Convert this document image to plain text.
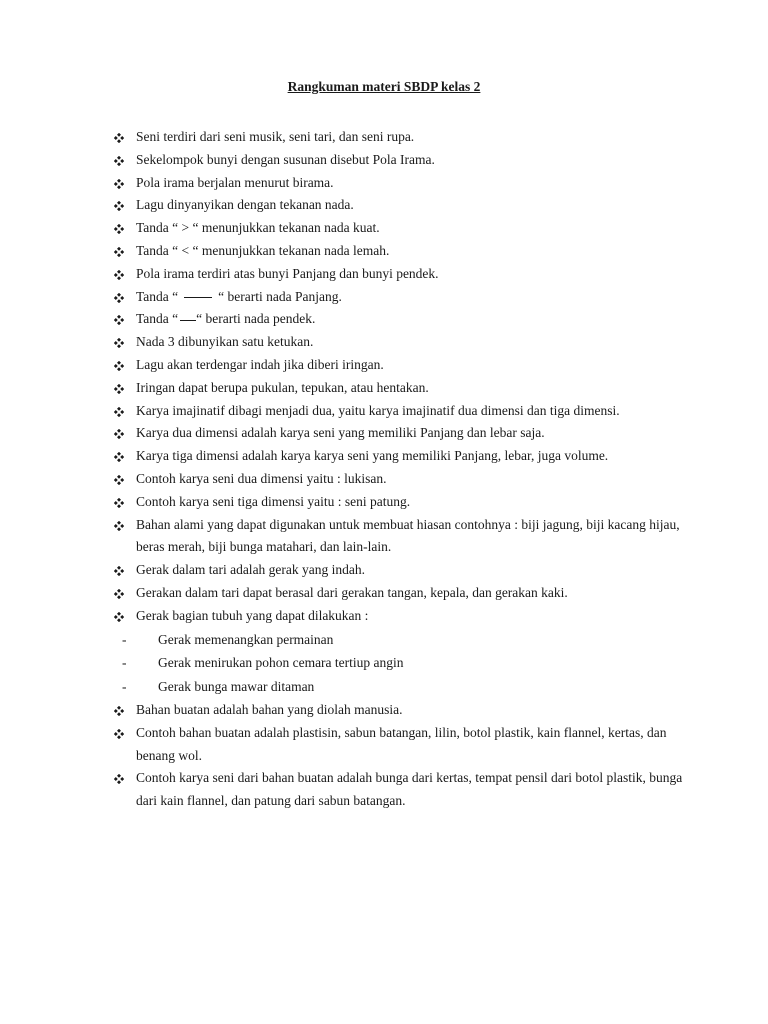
Rangkuman materi SBDP kelas 2
Seni terdiri dari seni musik, seni tari, dan seni rupa.
Sekelompok bunyi dengan susunan disebut Pola Irama.
Pola irama berjalan menurut birama.
Lagu dinyanyikan dengan tekanan nada.
Tanda “ > “ menunjukkan tekanan nada kuat.
Tanda “ < “ menunjukkan tekanan nada lemah.
Pola irama terdiri atas bunyi Panjang dan bunyi pendek.
Tanda “	“ berarti nada Panjang.
Tanda “ “ berarti nada pendek.
Nada 3 dibunyikan satu ketukan.
Lagu akan terdengar indah jika diberi iringan.
Iringan dapat berupa pukulan, tepukan, atau hentakan.
Karya imajinatif dibagi menjadi dua, yaitu karya imajinatif dua dimensi dan tiga dimensi.
Karya dua dimensi adalah karya seni yang memiliki Panjang dan lebar saja.
Karya tiga dimensi adalah karya karya seni yang memiliki Panjang, lebar, juga volume.
Contoh karya seni dua dimensi yaitu : lukisan.
Contoh karya seni tiga dimensi yaitu : seni patung.
Bahan alami yang dapat digunakan untuk membuat hiasan contohnya : biji jagung, biji kacang hijau, beras merah, biji bunga matahari, dan lain-lain.
Gerak dalam tari adalah gerak yang indah.
Gerakan dalam tari dapat berasal dari gerakan tangan, kepala, dan gerakan kaki.
Gerak bagian tubuh yang dapat dilakukan :
- Gerak memenangkan permainan
- Gerak menirukan pohon cemara tertiup angin
- Gerak bunga mawar ditaman
Bahan buatan adalah bahan yang diolah manusia.
Contoh bahan buatan adalah plastisin, sabun batangan, lilin, botol plastik, kain flannel, kertas, dan benang wol.
Contoh karya seni dari bahan buatan adalah bunga dari kertas, tempat pensil dari botol plastik, bunga dari kain flannel, dan patung dari sabun batangan.
